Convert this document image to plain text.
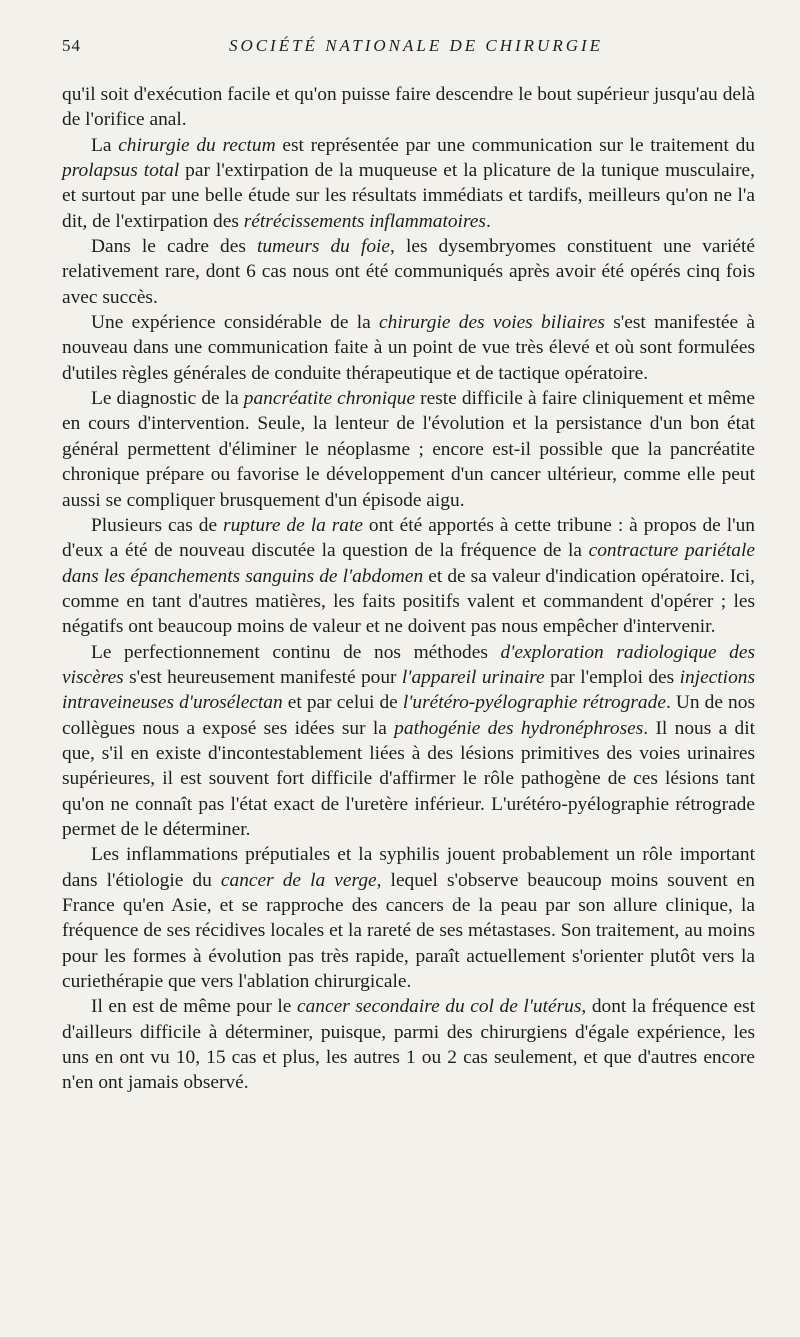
54	SOCIÉTÉ NATIONALE DE CHIRURGIE

qu'il soit d'exécution facile et qu'on puisse faire descendre le bout supérieur jusqu'au delà de l'orifice anal.

La chirurgie du rectum est représentée par une communication sur le traitement du prolapsus total par l'extirpation de la muqueuse et la plicature de la tunique musculaire, et surtout par une belle étude sur les résultats immédiats et tardifs, meilleurs qu'on ne l'a dit, de l'extirpation des rétrécissements inflammatoires.

Dans le cadre des tumeurs du foie, les dysembryomes constituent une variété relativement rare, dont 6 cas nous ont été communiqués après avoir été opérés cinq fois avec succès.

Une expérience considérable de la chirurgie des voies biliaires s'est manifestée à nouveau dans une communication faite à un point de vue très élevé et où sont formulées d'utiles règles générales de conduite thérapeutique et de tactique opératoire.

Le diagnostic de la pancréatite chronique reste difficile à faire cliniquement et même en cours d'intervention. Seule, la lenteur de l'évolution et la persistance d'un bon état général permettent d'éliminer le néoplasme ; encore est-il possible que la pancréatite chronique prépare ou favorise le développement d'un cancer ultérieur, comme elle peut aussi se compliquer brusquement d'un épisode aigu.

Plusieurs cas de rupture de la rate ont été apportés à cette tribune : à propos de l'un d'eux a été de nouveau discutée la question de la fréquence de la contracture pariétale dans les épanchements sanguins de l'abdomen et de sa valeur d'indication opératoire. Ici, comme en tant d'autres matières, les faits positifs valent et commandent d'opérer ; les négatifs ont beaucoup moins de valeur et ne doivent pas nous empêcher d'intervenir.

Le perfectionnement continu de nos méthodes d'exploration radiologique des viscères s'est heureusement manifesté pour l'appareil urinaire par l'emploi des injections intraveineuses d'urosélectan et par celui de l'urétéro-pyélographie rétrograde. Un de nos collègues nous a exposé ses idées sur la pathogénie des hydronéphroses. Il nous a dit que, s'il en existe d'incontestablement liées à des lésions primitives des voies urinaires supérieures, il est souvent fort difficile d'affirmer le rôle pathogène de ces lésions tant qu'on ne connaît pas l'état exact de l'uretère inférieur. L'urétéro-pyélographie rétrograde permet de le déterminer.

Les inflammations préputiales et la syphilis jouent probablement un rôle important dans l'étiologie du cancer de la verge, lequel s'observe beaucoup moins souvent en France qu'en Asie, et se rapproche des cancers de la peau par son allure clinique, la fréquence de ses récidives locales et la rareté de ses métastases. Son traitement, au moins pour les formes à évolution pas très rapide, paraît actuellement s'orienter plutôt vers la curiethérapie que vers l'ablation chirurgicale.

Il en est de même pour le cancer secondaire du col de l'utérus, dont la fréquence est d'ailleurs difficile à déterminer, puisque, parmi des chirurgiens d'égale expérience, les uns en ont vu 10, 15 cas et plus, les autres 1 ou 2 cas seulement, et que d'autres encore n'en ont jamais observé.
